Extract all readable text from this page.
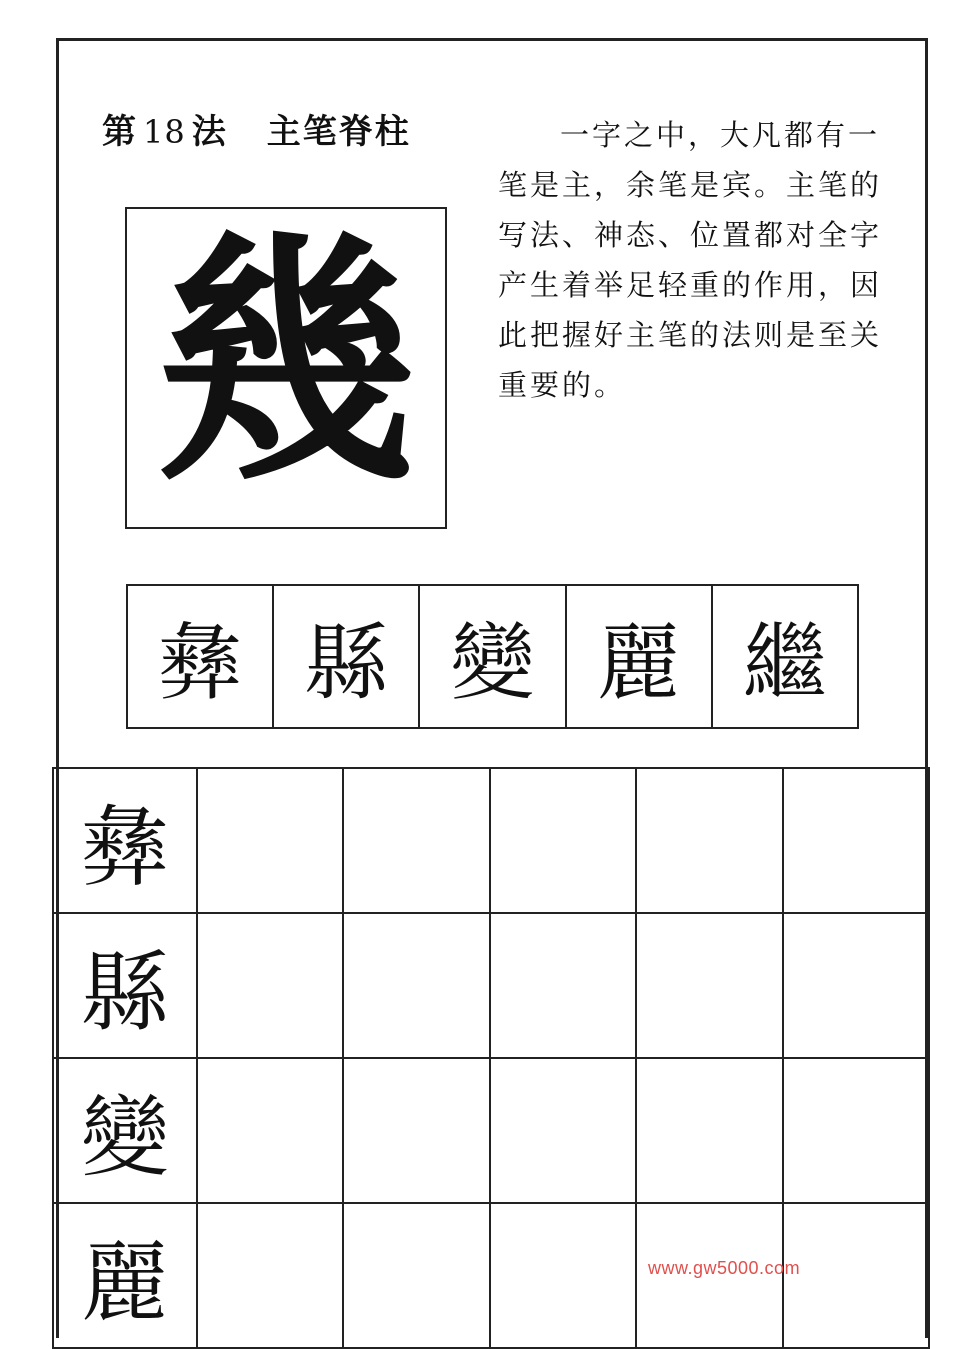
第 18 法 主笔脊柱	一字之中，大凡都有一笔是主，余笔是宾。主笔的写法、神态、位置都对全字产生着举足轻重的作用，因此把握好主笔的法则是至关重要的。

幾
彝 縣 變 麗 繼
彝					
縣					
變					
麗						www.gw5000.com
